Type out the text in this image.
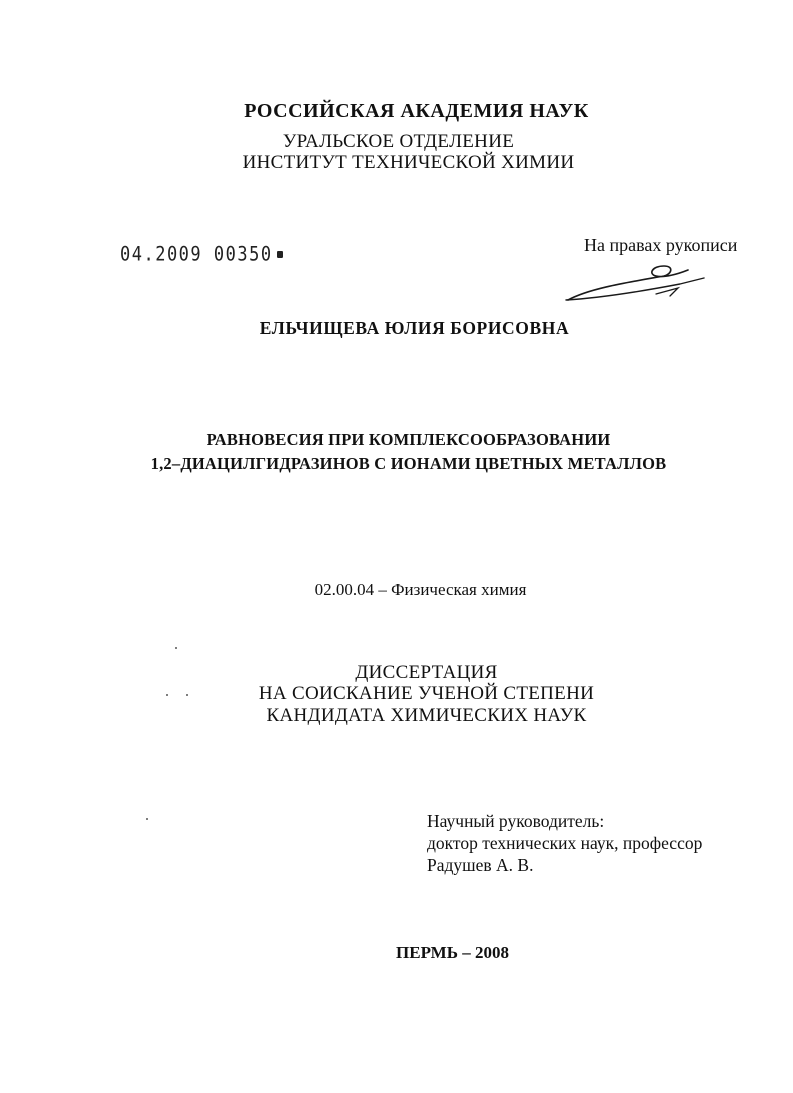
РОССИЙСКАЯ АКАДЕМИЯ НАУК
УРАЛЬСКОЕ ОТДЕЛЕНИЕ
ИНСТИТУТ ТЕХНИЧЕСКОЙ ХИМИИ
04.2009 00350	На правах рукописи
ЕЛЬЧИЩЕВА ЮЛИЯ БОРИСОВНА
РАВНОВЕСИЯ ПРИ КОМПЛЕКСООБРАЗОВАНИИ
1,2–ДИАЦИЛГИДРАЗИНОВ С ИОНАМИ ЦВЕТНЫХ МЕТАЛЛОВ
02.00.04 – Физическая химия
ДИССЕРТАЦИЯ
НА СОИСКАНИЕ УЧЕНОЙ СТЕПЕНИ
КАНДИДАТА ХИМИЧЕСКИХ НАУК
Научный руководитель:
доктор технических наук, профессор
Радушев А. В.
ПЕРМЬ – 2008
